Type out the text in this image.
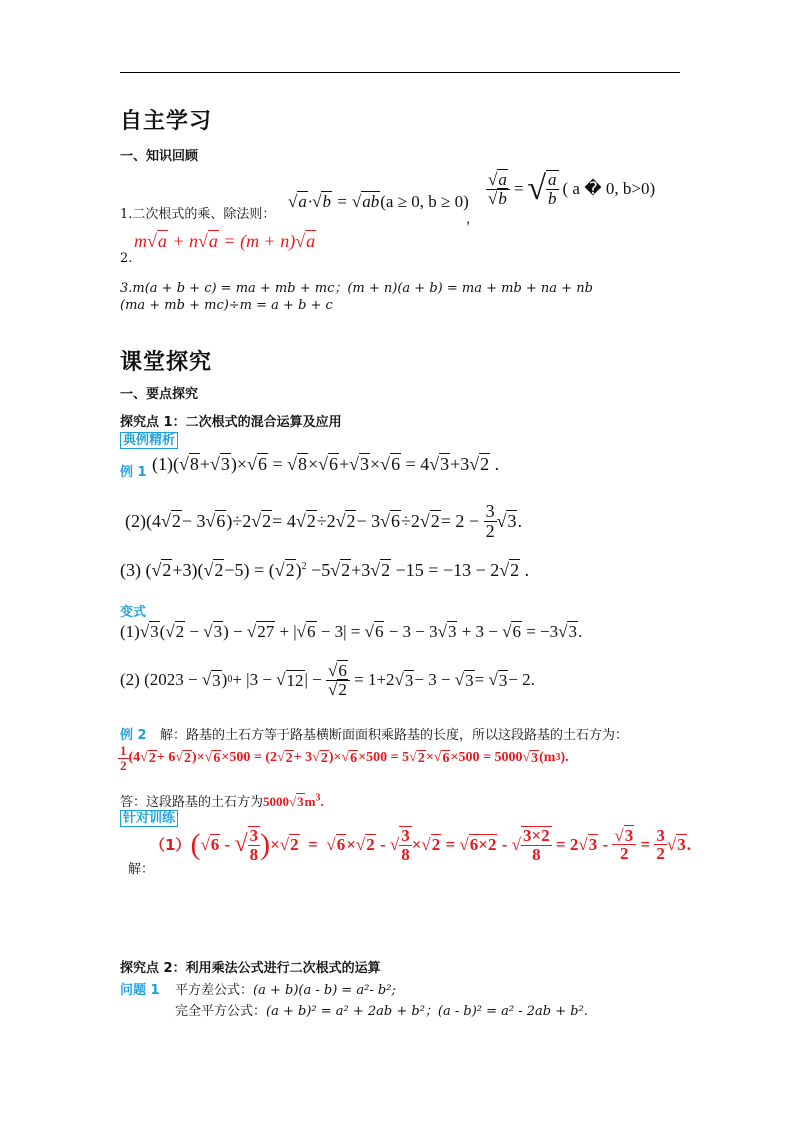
自主学习
一、知识回顾
1.二次根式的乘、除法则：
√a·√b = √ab(a ≥ 0, b ≥ 0)
，
$\frac{√a}{√b}$ = √ $\frac{a}{b}$ ( a � 0, b>0)
2.
m√a + n√a = (m + n)√a
3.m(a + b + c) = ma + mb + mc；(m + n)(a + b) = ma + mb + na + nb
(ma + mb + mc)÷m = a + b + c
课堂探究
一、要点探究
探究点 1：二次根式的混合运算及应用
典例精析
例 1 (1)(√8+√3)×√6 = √8×√6+√3×√6 = 4√3+3√2 .
(2) (4√ 2 − 3√ 6 )÷2√ 2 = 4√ 2 ÷2√ 2 − 3√ 6 ÷2√ $2 = 2 - \frac{3}{2}$ √ 3 .
(3) $(√2+3)(√2-5) = (√2)^2 -5√2+3√2 -15 = -13 - 2√2$ .
变式
(1)√3(√2 − √3) − √27 + |√6 − 3| = √6 − 3 − 3√3 + 3 − √6 = −3√3.
(2) (2023 − √ 3 ) 0 + |3 − √ 12 | − $\frac{√6}{√2} = 1+2√$ 3 − 3 − √ 3 = √ 3 − 2.
例 2 解：路基的土石方等于路基横断面面积乘路基的长度，所以这段路基的土石方为：
$\frac{1}{2} (4√$ 2 + 6√ 2 )×√ 6 ×500 = (2√ 2 + 3√ 2 )×√ 6 ×500 = 5√ 2 ×√ 6 ×500 = 5000√ 3 (m 3 ).
答：这段路基的土石方为$5000√3m^3$.
针对训练
解：
（1） ( √ 6 - √ $\frac{3}{8}$ ) ×√ 2 =  √ 6 ×√ 2 - √ $\frac{3}{8}$ ×√ 2 = √ 6×2 - √ $\frac{3\times 2}{8} = 2√$ $3 - \frac{√3}{2} = \frac{3}{2}$ √ 3 .
探究点 2：利用乘法公式进行二次根式的运算
问题 1 平方差公式：(a + b)(a - b) = a²- b²;
完全平方公式：(a + b)² = a² + 2ab + b²；(a - b)² = a² - 2ab + b².
